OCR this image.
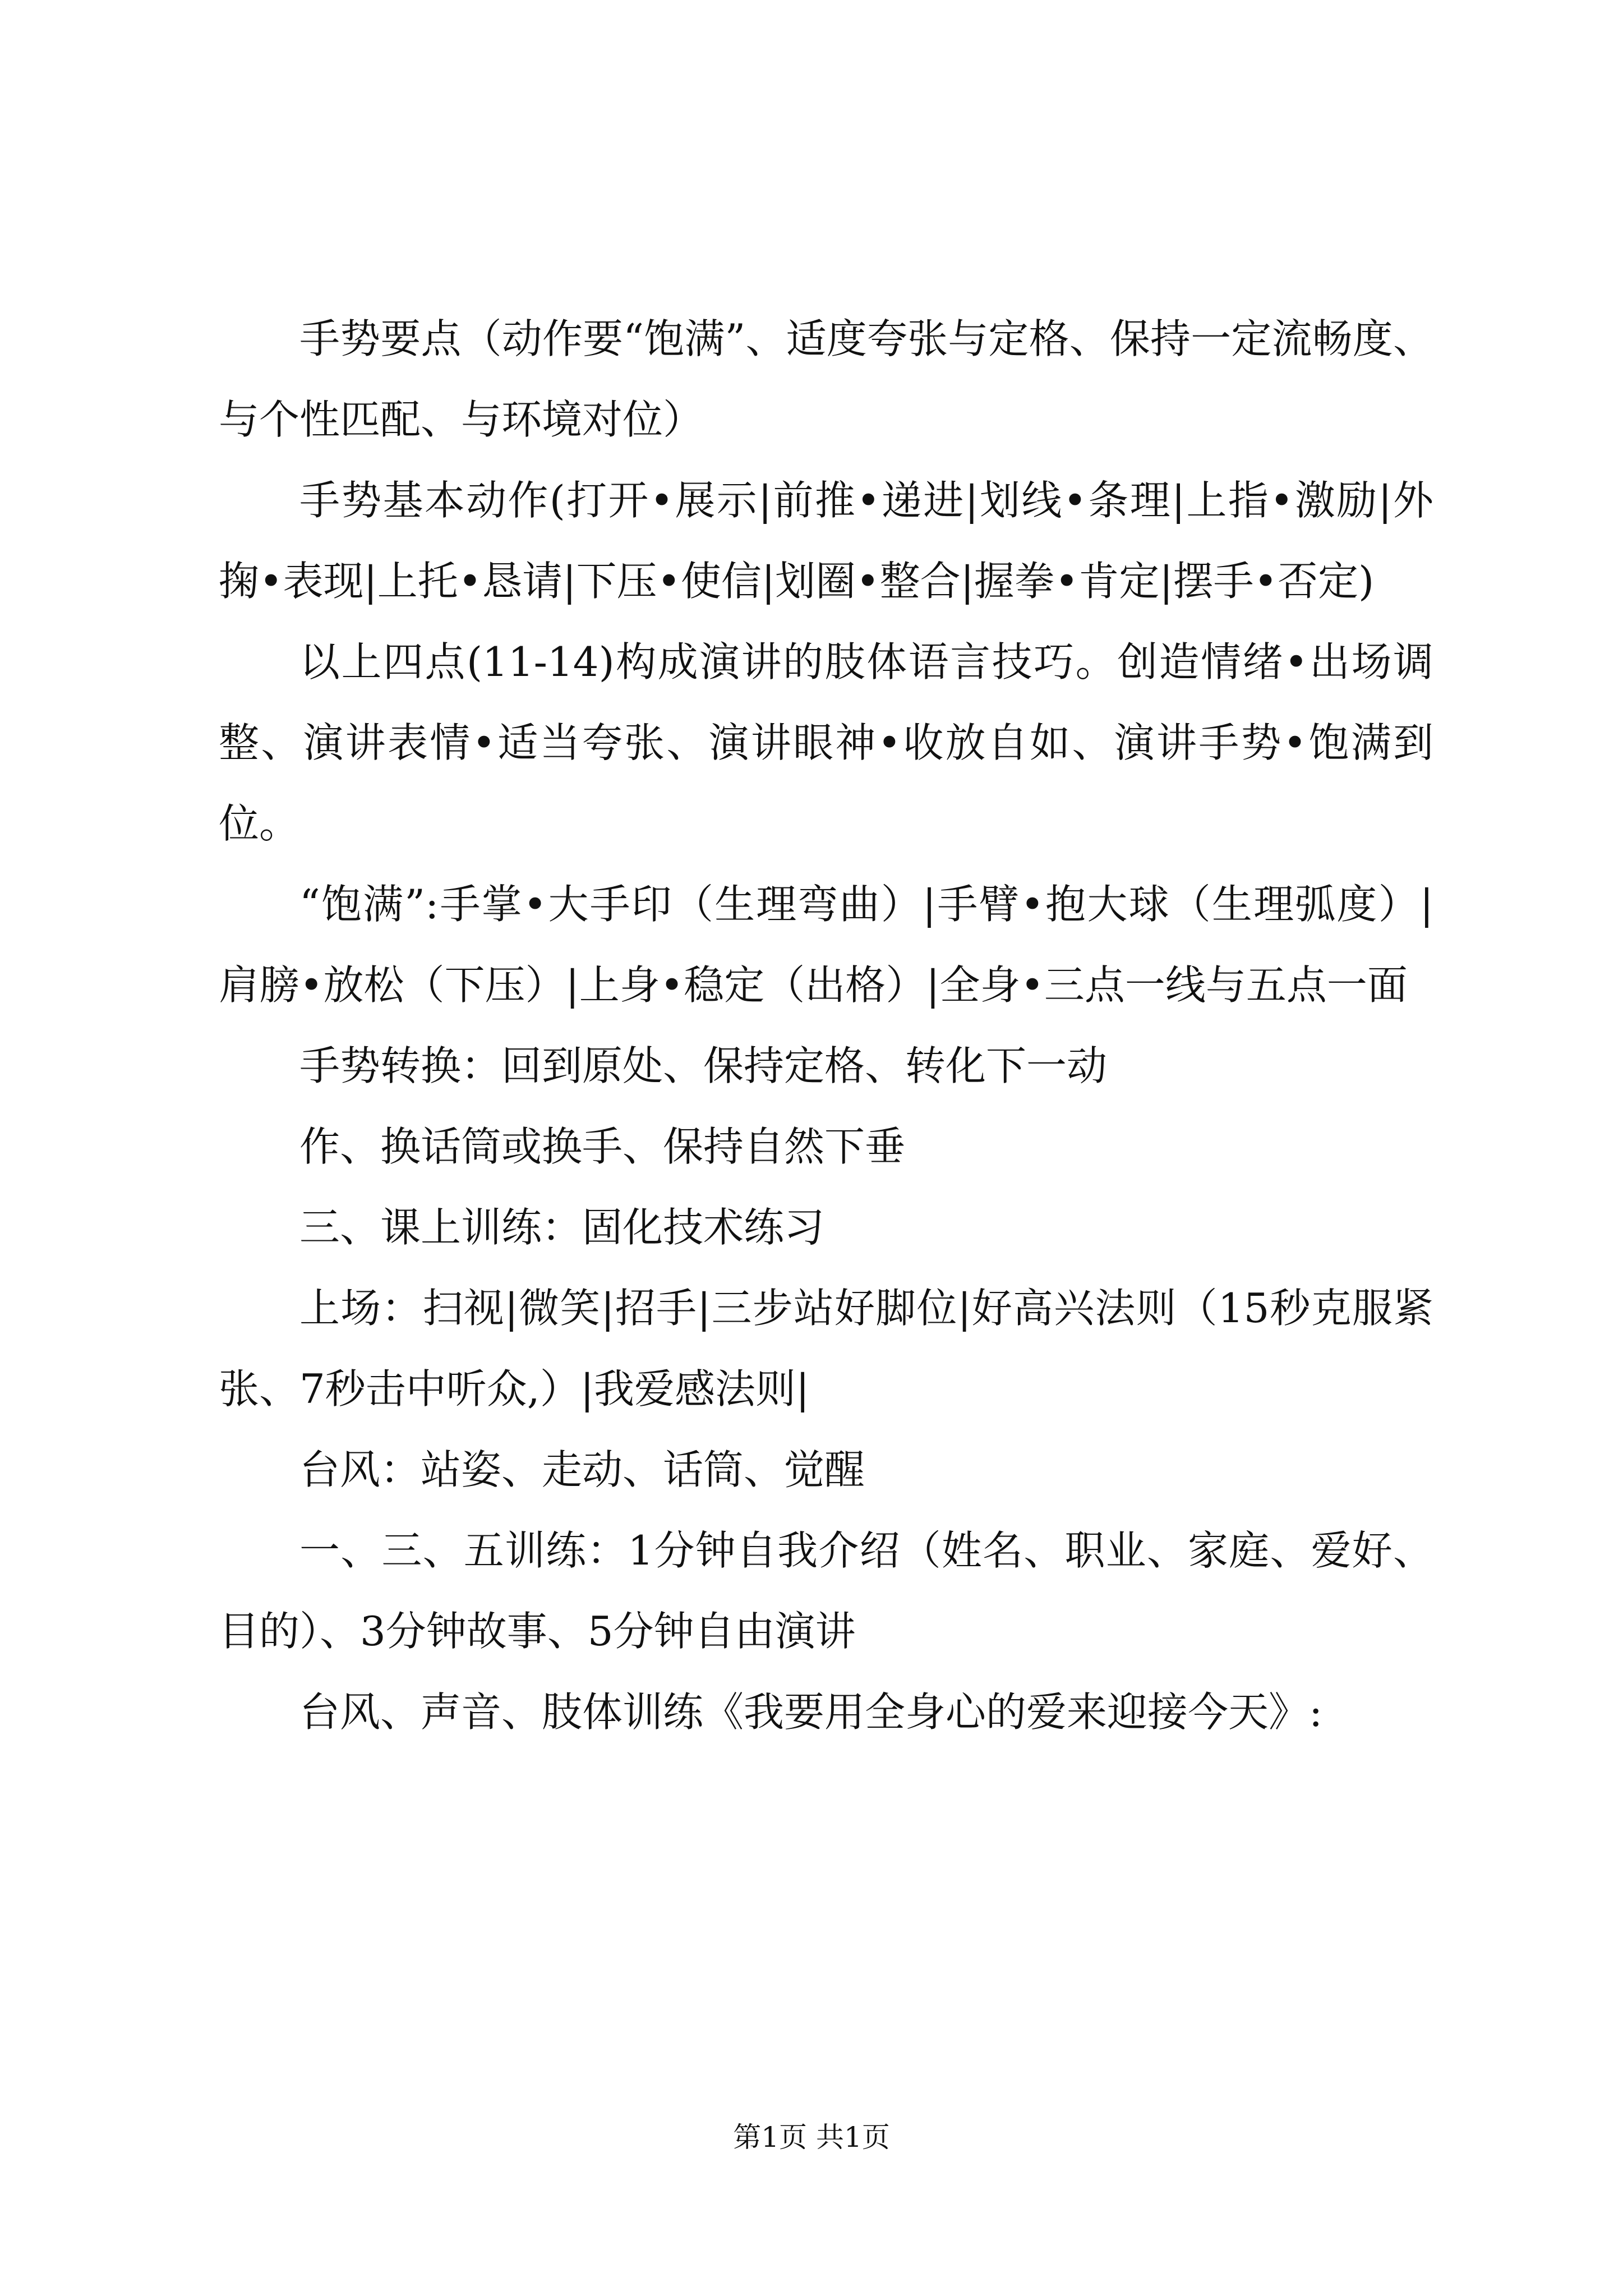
手势要点（动作要“饱满”、适度夸张与定格、保持一定流畅度、与个性匹配、与环境对位）

手势基本动作(打开•展示|前推•递进|划线•条理|上指•激励|外掬•表现|上托•恳请|下压•使信|划圈•整合|握拳•肯定|摆手•否定)

以上四点(11-14)构成演讲的肢体语言技巧。创造情绪•出场调整、演讲表情•适当夸张、演讲眼神•收放自如、演讲手势•饱满到位。

“饱满”:手掌•大手印（生理弯曲）|手臂•抱大球（生理弧度）|肩膀•放松（下压）|上身•稳定（出格）|全身•三点一线与五点一面

手势转换：回到原处、保持定格、转化下一动

作、换话筒或换手、保持自然下垂

三、课上训练：固化技术练习

上场：扫视|微笑|招手|三步站好脚位|好高兴法则（15秒克服紧张、7秒击中听众,）|我爱感法则|

台风：站姿、走动、话筒、觉醒

一、三、五训练：1分钟自我介绍（姓名、职业、家庭、爱好、目的）、3分钟故事、5分钟自由演讲

台风、声音、肢体训练《我要用全身心的爱来迎接今天》:

第1页 共1页
